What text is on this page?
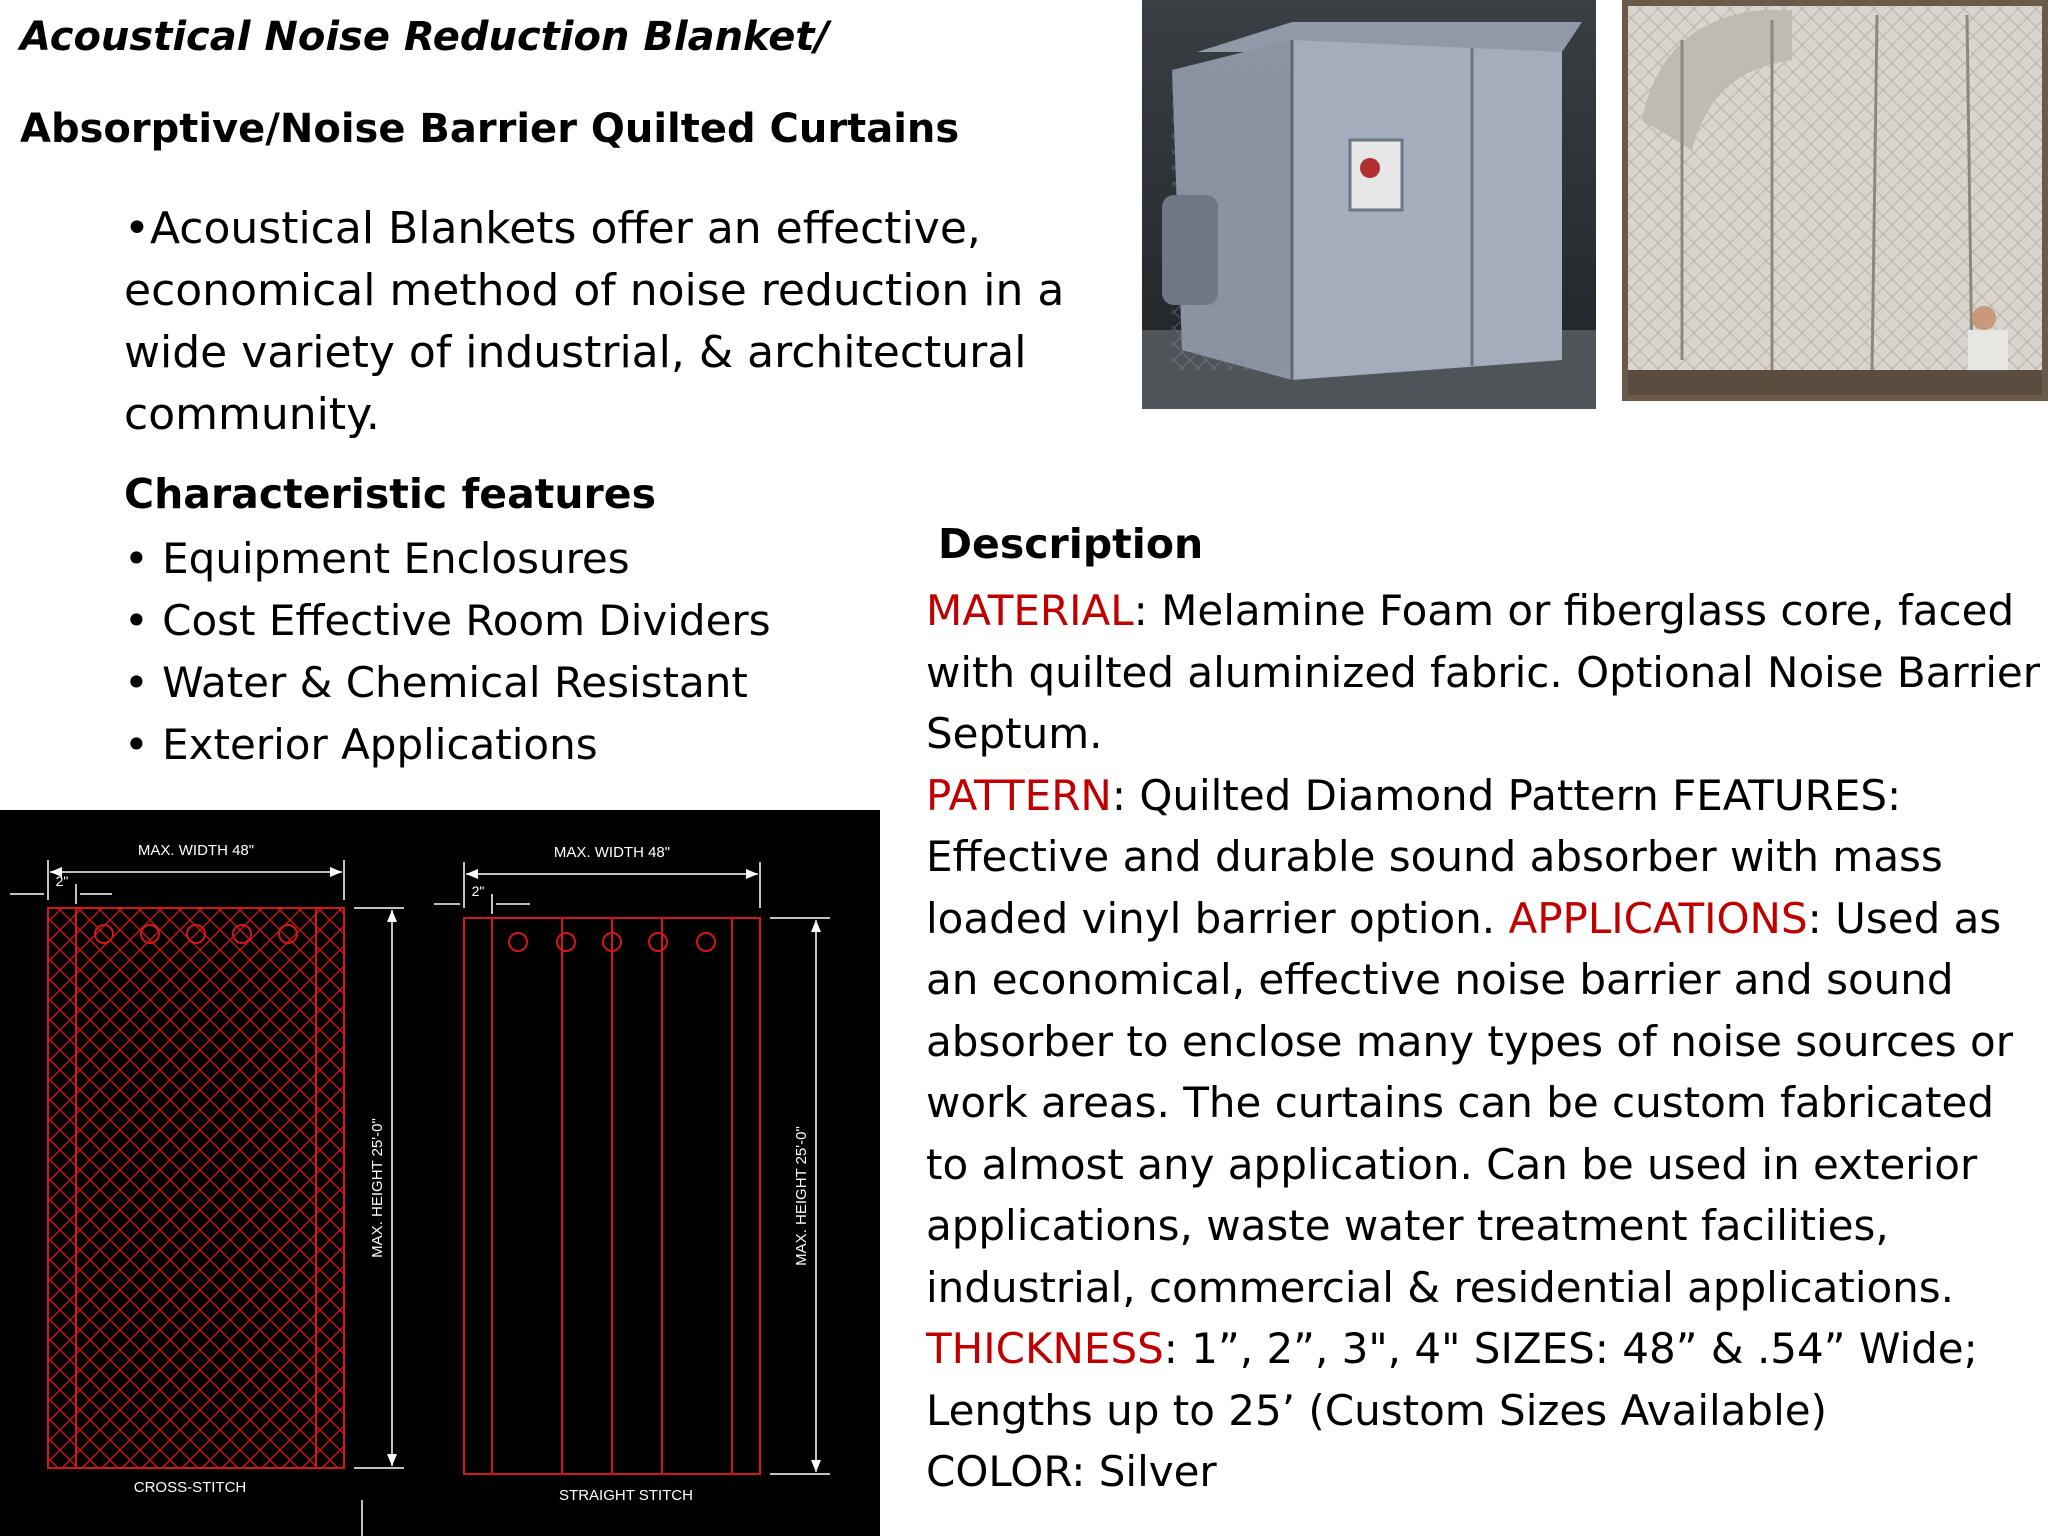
Acoustical Noise Reduction Blanket/
Absorptive/Noise Barrier Quilted Curtains
•Acoustical Blankets offer an effective, economical method of noise reduction in a wide variety of industrial, & architectural community.
Characteristic features
• Equipment Enclosures
• Cost Effective Room Dividers
• Water & Chemical Resistant
• Exterior Applications
Description
MATERIAL: Melamine Foam or fiberglass core, faced with quilted aluminized fabric. Optional Noise Barrier Septum.
PATTERN: Quilted Diamond Pattern FEATURES: Effective and durable sound absorber with mass loaded vinyl barrier option. APPLICATIONS: Used as an economical, effective noise barrier and sound absorber to enclose many types of noise sources or work areas. The curtains can be custom fabricated to almost any application. Can be used in exterior applications, waste water treatment facilities, industrial, commercial & residential applications.
THICKNESS: 1”, 2”, 3", 4" SIZES: 48” & .54” Wide; Lengths up to 25’ (Custom Sizes Available)
COLOR: Silver
MAX. WIDTH 48"
2"
MAX. HEIGHT 25'-0"
CROSS-STITCH
MAX. WIDTH 48"
2"
MAX. HEIGHT 25'-0"
STRAIGHT STITCH
